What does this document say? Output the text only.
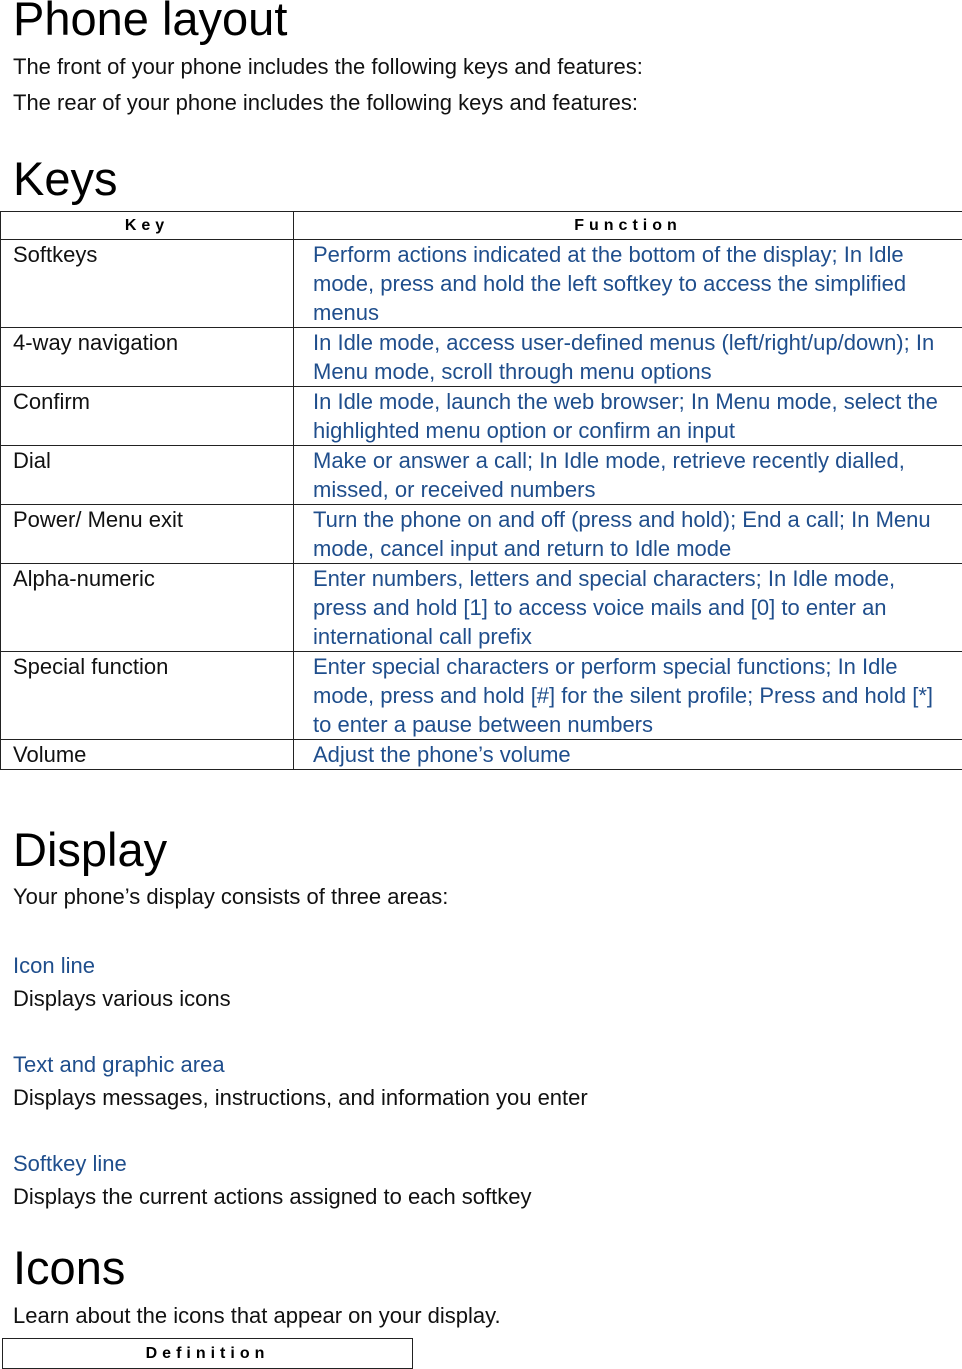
Phone layout

The front of your phone includes the following keys and features:

The rear of your phone includes the following keys and features:

Keys
Key	Function
Softkeys	Perform actions indicated at the bottom of the display; In Idle mode, press and hold the left softkey to access the simplified menus
4-way navigation	In Idle mode, access user-defined menus (left/right/up/down); In Menu mode, scroll through menu options
Confirm	In Idle mode, launch the web browser; In Menu mode, select the highlighted menu option or confirm an input
Dial	Make or answer a call; In Idle mode, retrieve recently dialled, missed, or received numbers
Power/ Menu exit	Turn the phone on and off (press and hold); End a call; In Menu mode, cancel input and return to Idle mode
Alpha-numeric	Enter numbers, letters and special characters; In Idle mode, press and hold [1] to access voice mails and [0] to enter an international call prefix
Special function	Enter special characters or perform special functions; In Idle mode, press and hold [#] for the silent profile; Press and hold [*] to enter a pause between numbers
Volume	Adjust the phone’s volume
Display

Your phone’s display consists of three areas:

Icon line

Displays various icons

Text and graphic area

Displays messages, instructions, and information you enter

Softkey line

Displays the current actions assigned to each softkey

Icons

Learn about the icons that appear on your display.

Definition
